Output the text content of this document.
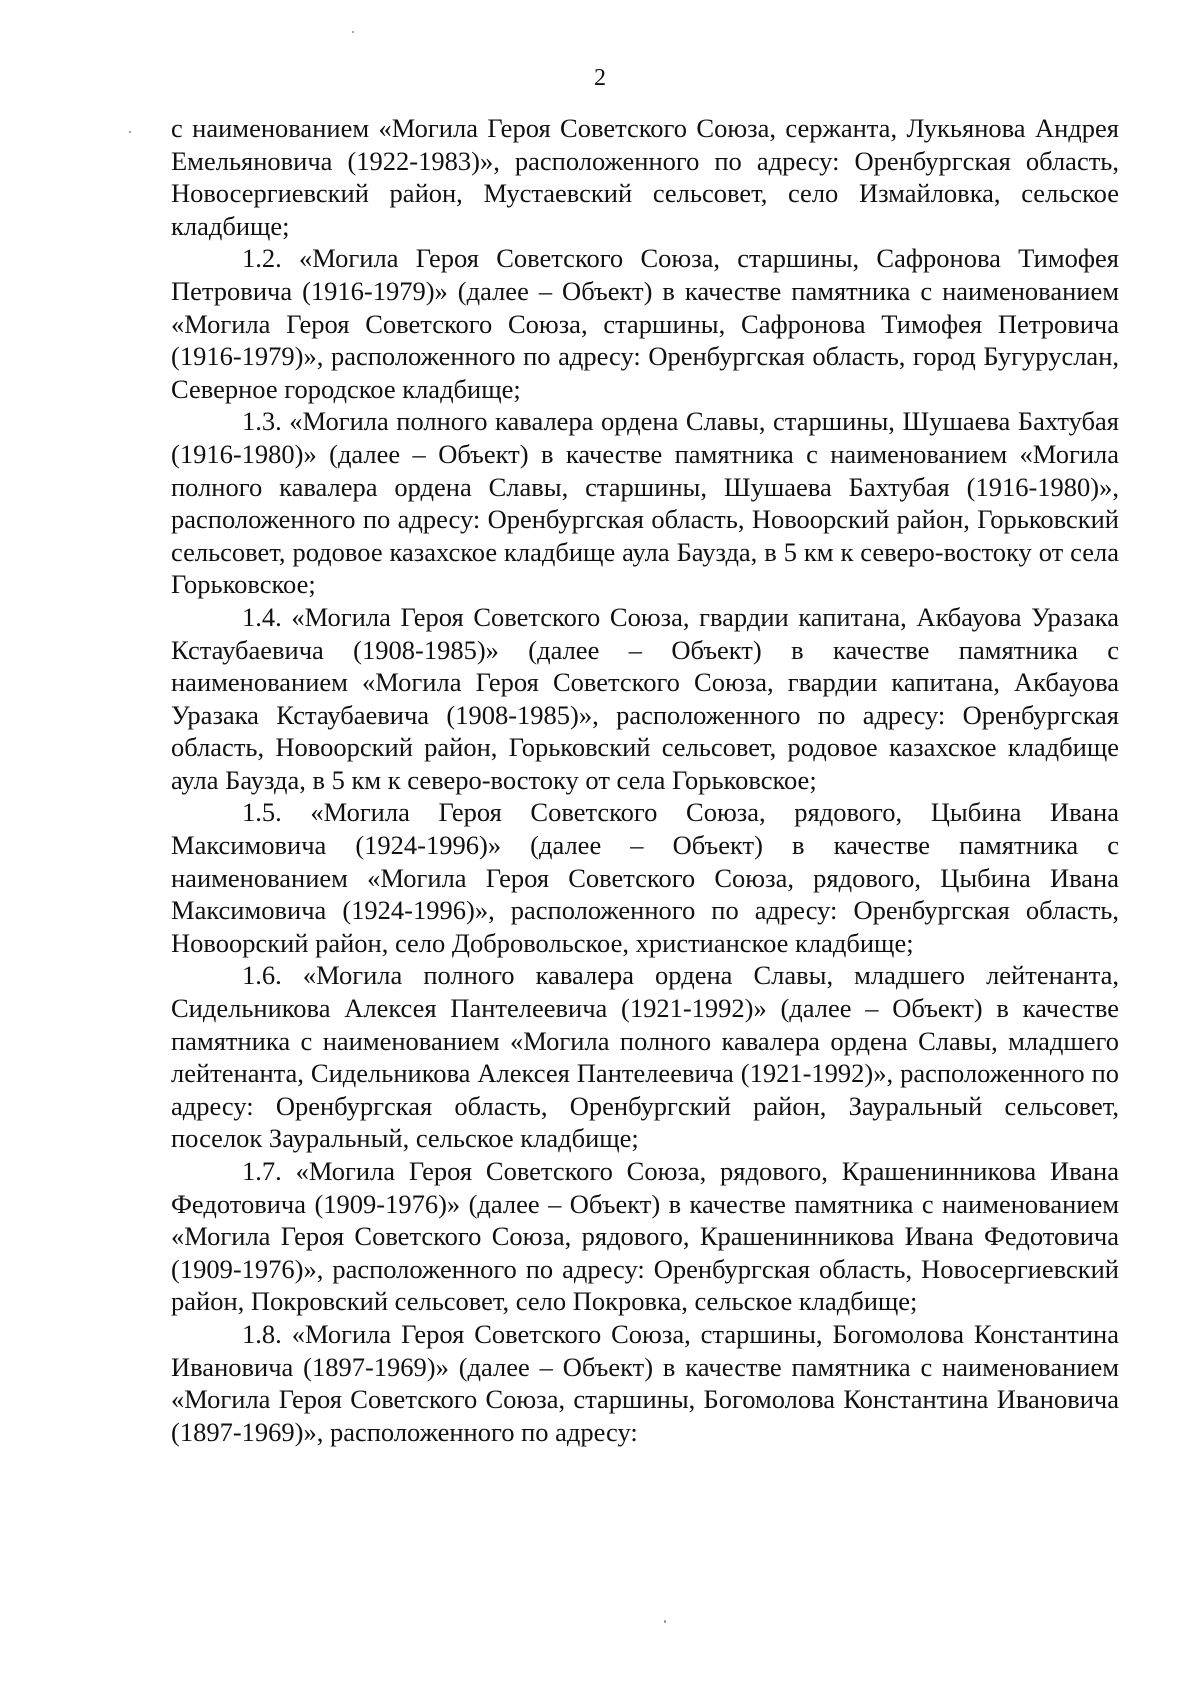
2

с наименованием «Могила Героя Советского Союза, сержанта, Лукьянова Андрея Емельяновича (1922-1983)», расположенного по адресу: Оренбургская область, Новосергиевский район, Мустаевский сельсовет, село Измайловка, сельское кладбище;

1.2. «Могила Героя Советского Союза, старшины, Сафронова Тимофея Петровича (1916-1979)» (далее – Объект) в качестве памятника с наименованием «Могила Героя Советского Союза, старшины, Сафронова Тимофея Петровича (1916-1979)», расположенного по адресу: Оренбургская область, город Бугуруслан, Северное городское кладбище;

1.3. «Могила полного кавалера ордена Славы, старшины, Шушаева Бахтубая (1916-1980)» (далее – Объект) в качестве памятника с наименованием «Могила полного кавалера ордена Славы, старшины, Шушаева Бахтубая (1916-1980)», расположенного по адресу: Оренбургская область, Новоорский район, Горьковский сельсовет, родовое казахское кладбище аула Баузда, в 5 км к северо-востоку от села Горьковское;

1.4. «Могила Героя Советского Союза, гвардии капитана, Акбауова Уразака Кстаубаевича (1908-1985)» (далее – Объект) в качестве памятника с наименованием «Могила Героя Советского Союза, гвардии капитана, Акбауова Уразака Кстаубаевича (1908-1985)», расположенного по адресу: Оренбургская область, Новоорский район, Горьковский сельсовет, родовое казахское кладбище аула Баузда, в 5 км к северо-востоку от села Горьковское;

1.5. «Могила Героя Советского Союза, рядового, Цыбина Ивана Максимовича (1924-1996)» (далее – Объект) в качестве памятника с наименованием «Могила Героя Советского Союза, рядового, Цыбина Ивана Максимовича (1924-1996)», расположенного по адресу: Оренбургская область, Новоорский район, село Добровольское, христианское кладбище;

1.6. «Могила полного кавалера ордена Славы, младшего лейтенанта, Сидельникова Алексея Пантелеевича (1921-1992)» (далее – Объект) в качестве памятника с наименованием «Могила полного кавалера ордена Славы, младшего лейтенанта, Сидельникова Алексея Пантелеевича (1921-1992)», расположенного по адресу: Оренбургская область, Оренбургский район, Зауральный сельсовет, поселок Зауральный, сельское кладбище;

1.7. «Могила Героя Советского Союза, рядового, Крашенинникова Ивана Федотовича (1909-1976)» (далее – Объект) в качестве памятника с наименованием «Могила Героя Советского Союза, рядового, Крашенинникова Ивана Федотовича (1909-1976)», расположенного по адресу: Оренбургская область, Новосергиевский район, Покровский сельсовет, село Покровка, сельское кладбище;

1.8. «Могила Героя Советского Союза, старшины, Богомолова Константина Ивановича (1897-1969)» (далее – Объект) в качестве памятника с наименованием «Могила Героя Советского Союза, старшины, Богомолова Константина Ивановича (1897-1969)», расположенного по адресу:
